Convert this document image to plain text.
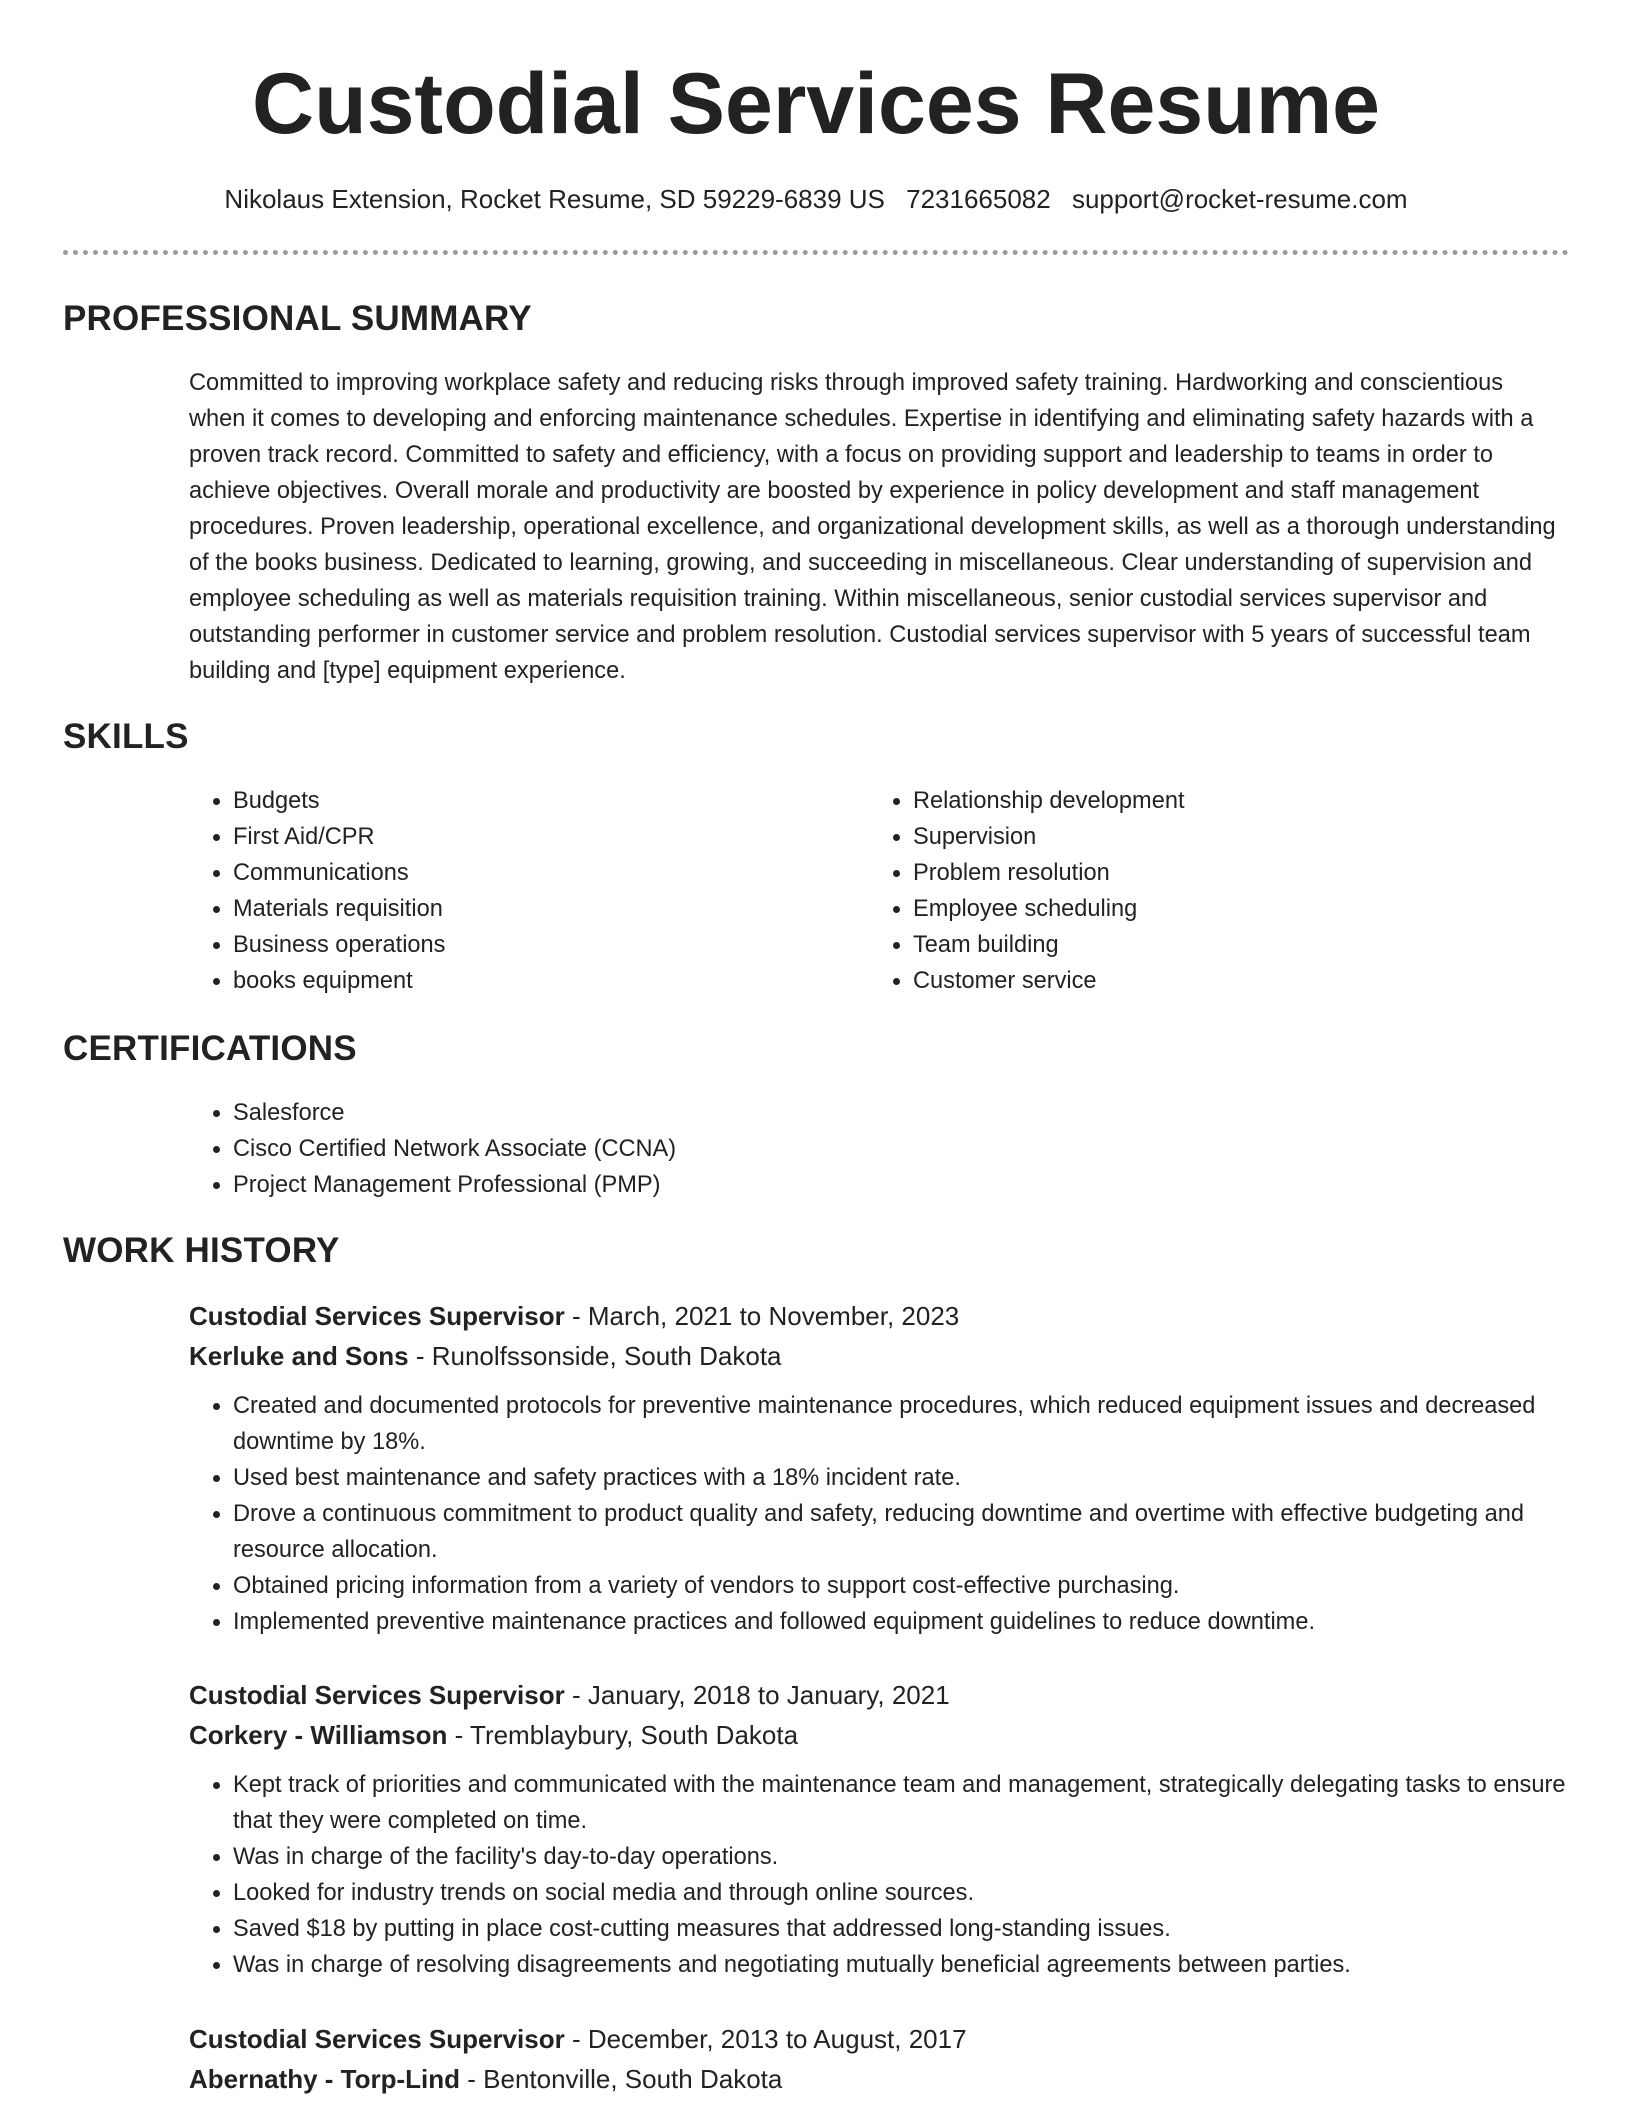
Custodial Services Resume
Nikolaus Extension, Rocket Resume, SD 59229-6839 US 7231665082 support@rocket-resume.com
PROFESSIONAL SUMMARY

Committed to improving workplace safety and reducing risks through improved safety training. Hardworking and conscientious when it comes to developing and enforcing maintenance schedules. Expertise in identifying and eliminating safety hazards with a proven track record. Committed to safety and efficiency, with a focus on providing support and leadership to teams in order to achieve objectives. Overall morale and productivity are boosted by experience in policy development and staff management procedures. Proven leadership, operational excellence, and organizational development skills, as well as a thorough understanding of the books business. Dedicated to learning, growing, and succeeding in miscellaneous. Clear understanding of supervision and employee scheduling as well as materials requisition training. Within miscellaneous, senior custodial services supervisor and outstanding performer in customer service and problem resolution. Custodial services supervisor with 5 years of successful team building and [type] equipment experience.

SKILLS
• Budgets
• First Aid/CPR
• Communications
• Materials requisition
• Business operations
• books equipment
• Relationship development
• Supervision
• Problem resolution
• Employee scheduling
• Team building
• Customer service
CERTIFICATIONS
• Salesforce
• Cisco Certified Network Associate (CCNA)
• Project Management Professional (PMP)
WORK HISTORY
Custodial Services Supervisor - March, 2021 to November, 2023
Kerluke and Sons - Runolfssonside, South Dakota
• Created and documented protocols for preventive maintenance procedures, which reduced equipment issues and decreased downtime by 18%.
• Used best maintenance and safety practices with a 18% incident rate.
• Drove a continuous commitment to product quality and safety, reducing downtime and overtime with effective budgeting and resource allocation.
• Obtained pricing information from a variety of vendors to support cost-effective purchasing.
• Implemented preventive maintenance practices and followed equipment guidelines to reduce downtime.
Custodial Services Supervisor - January, 2018 to January, 2021
Corkery - Williamson - Tremblaybury, South Dakota
• Kept track of priorities and communicated with the maintenance team and management, strategically delegating tasks to ensure that they were completed on time.
• Was in charge of the facility's day-to-day operations.
• Looked for industry trends on social media and through online sources.
• Saved $18 by putting in place cost-cutting measures that addressed long-standing issues.
• Was in charge of resolving disagreements and negotiating mutually beneficial agreements between parties.
Custodial Services Supervisor - December, 2013 to August, 2017
Abernathy - Torp-Lind - Bentonville, South Dakota
